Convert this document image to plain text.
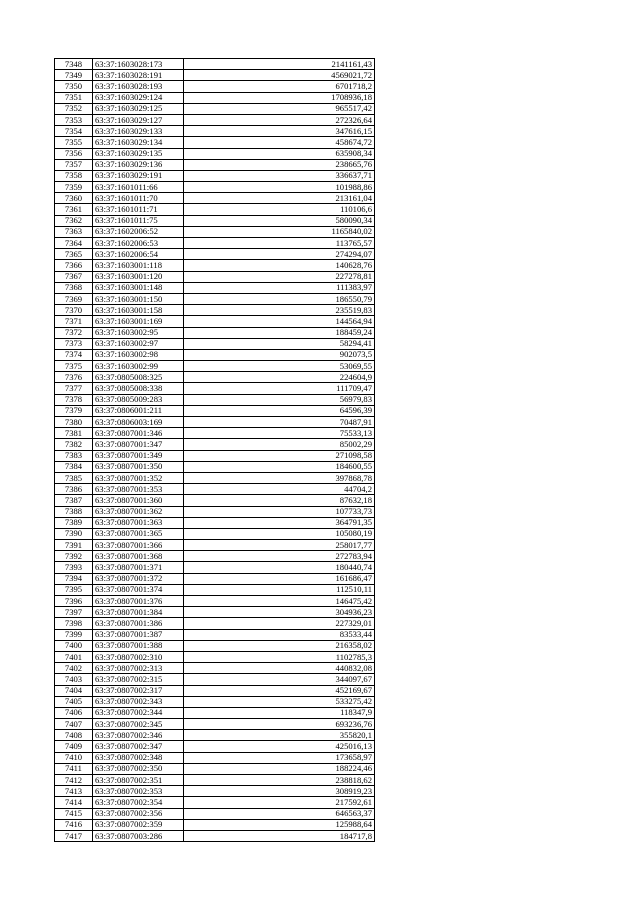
7348	63:37:1603028:173	2141161,43
7349	63:37:1603028:191	4569021,72
7350	63:37:1603028:193	6701718,2
7351	63:37:1603029:124	1708936,18
7352	63:37:1603029:125	965517,42
7353	63:37:1603029:127	272326,64
7354	63:37:1603029:133	347616,15
7355	63:37:1603029:134	458674,72
7356	63:37:1603029:135	635908,34
7357	63:37:1603029:136	238665,76
7358	63:37:1603029:191	336637,71
7359	63:37:1601011:66	101988,86
7360	63:37:1601011:70	213161,04
7361	63:37:1601011:71	110106,6
7362	63:37:1601011:75	580090,34
7363	63:37:1602006:52	1165840,02
7364	63:37:1602006:53	113765,57
7365	63:37:1602006:54	274294,07
7366	63:37:1603001:118	140628,76
7367	63:37:1603001:120	227278,81
7368	63:37:1603001:148	111383,97
7369	63:37:1603001:150	186550,79
7370	63:37:1603001:158	235519,83
7371	63:37:1603001:169	144564,94
7372	63:37:1603002:95	188459,24
7373	63:37:1603002:97	58294,41
7374	63:37:1603002:98	902073,5
7375	63:37:1603002:99	53069,55
7376	63:37:0805008:325	224604,9
7377	63:37:0805008:338	111709,47
7378	63:37:0805009:283	56979,83
7379	63:37:0806001:211	64596,39
7380	63:37:0806003:169	70487,91
7381	63:37:0807001:346	75533,13
7382	63:37:0807001:347	85002,29
7383	63:37:0807001:349	271098,58
7384	63:37:0807001:350	184600,55
7385	63:37:0807001:352	397868,78
7386	63:37:0807001:353	44704,2
7387	63:37:0807001:360	87632,18
7388	63:37:0807001:362	107733,73
7389	63:37:0807001:363	364791,35
7390	63:37:0807001:365	105080,19
7391	63:37:0807001:366	258017,77
7392	63:37:0807001:368	272783,94
7393	63:37:0807001:371	180440,74
7394	63:37:0807001:372	161686,47
7395	63:37:0807001:374	112510,11
7396	63:37:0807001:376	146475,42
7397	63:37:0807001:384	304936,23
7398	63:37:0807001:386	227329,01
7399	63:37:0807001:387	83533,44
7400	63:37:0807001:388	216358,02
7401	63:37:0807002:310	1102785,3
7402	63:37:0807002:313	440832,08
7403	63:37:0807002:315	344097,67
7404	63:37:0807002:317	452169,67
7405	63:37:0807002:343	533275,42
7406	63:37:0807002:344	118347,9
7407	63:37:0807002:345	693236,76
7408	63:37:0807002:346	355820,1
7409	63:37:0807002:347	425016,13
7410	63:37:0807002:348	173658,97
7411	63:37:0807002:350	188224,46
7412	63:37:0807002:351	238818,62
7413	63:37:0807002:353	308919,23
7414	63:37:0807002:354	217592,61
7415	63:37:0807002:356	646563,37
7416	63:37:0807002:359	125988,64
7417	63:37:0807003:286	184717,8
